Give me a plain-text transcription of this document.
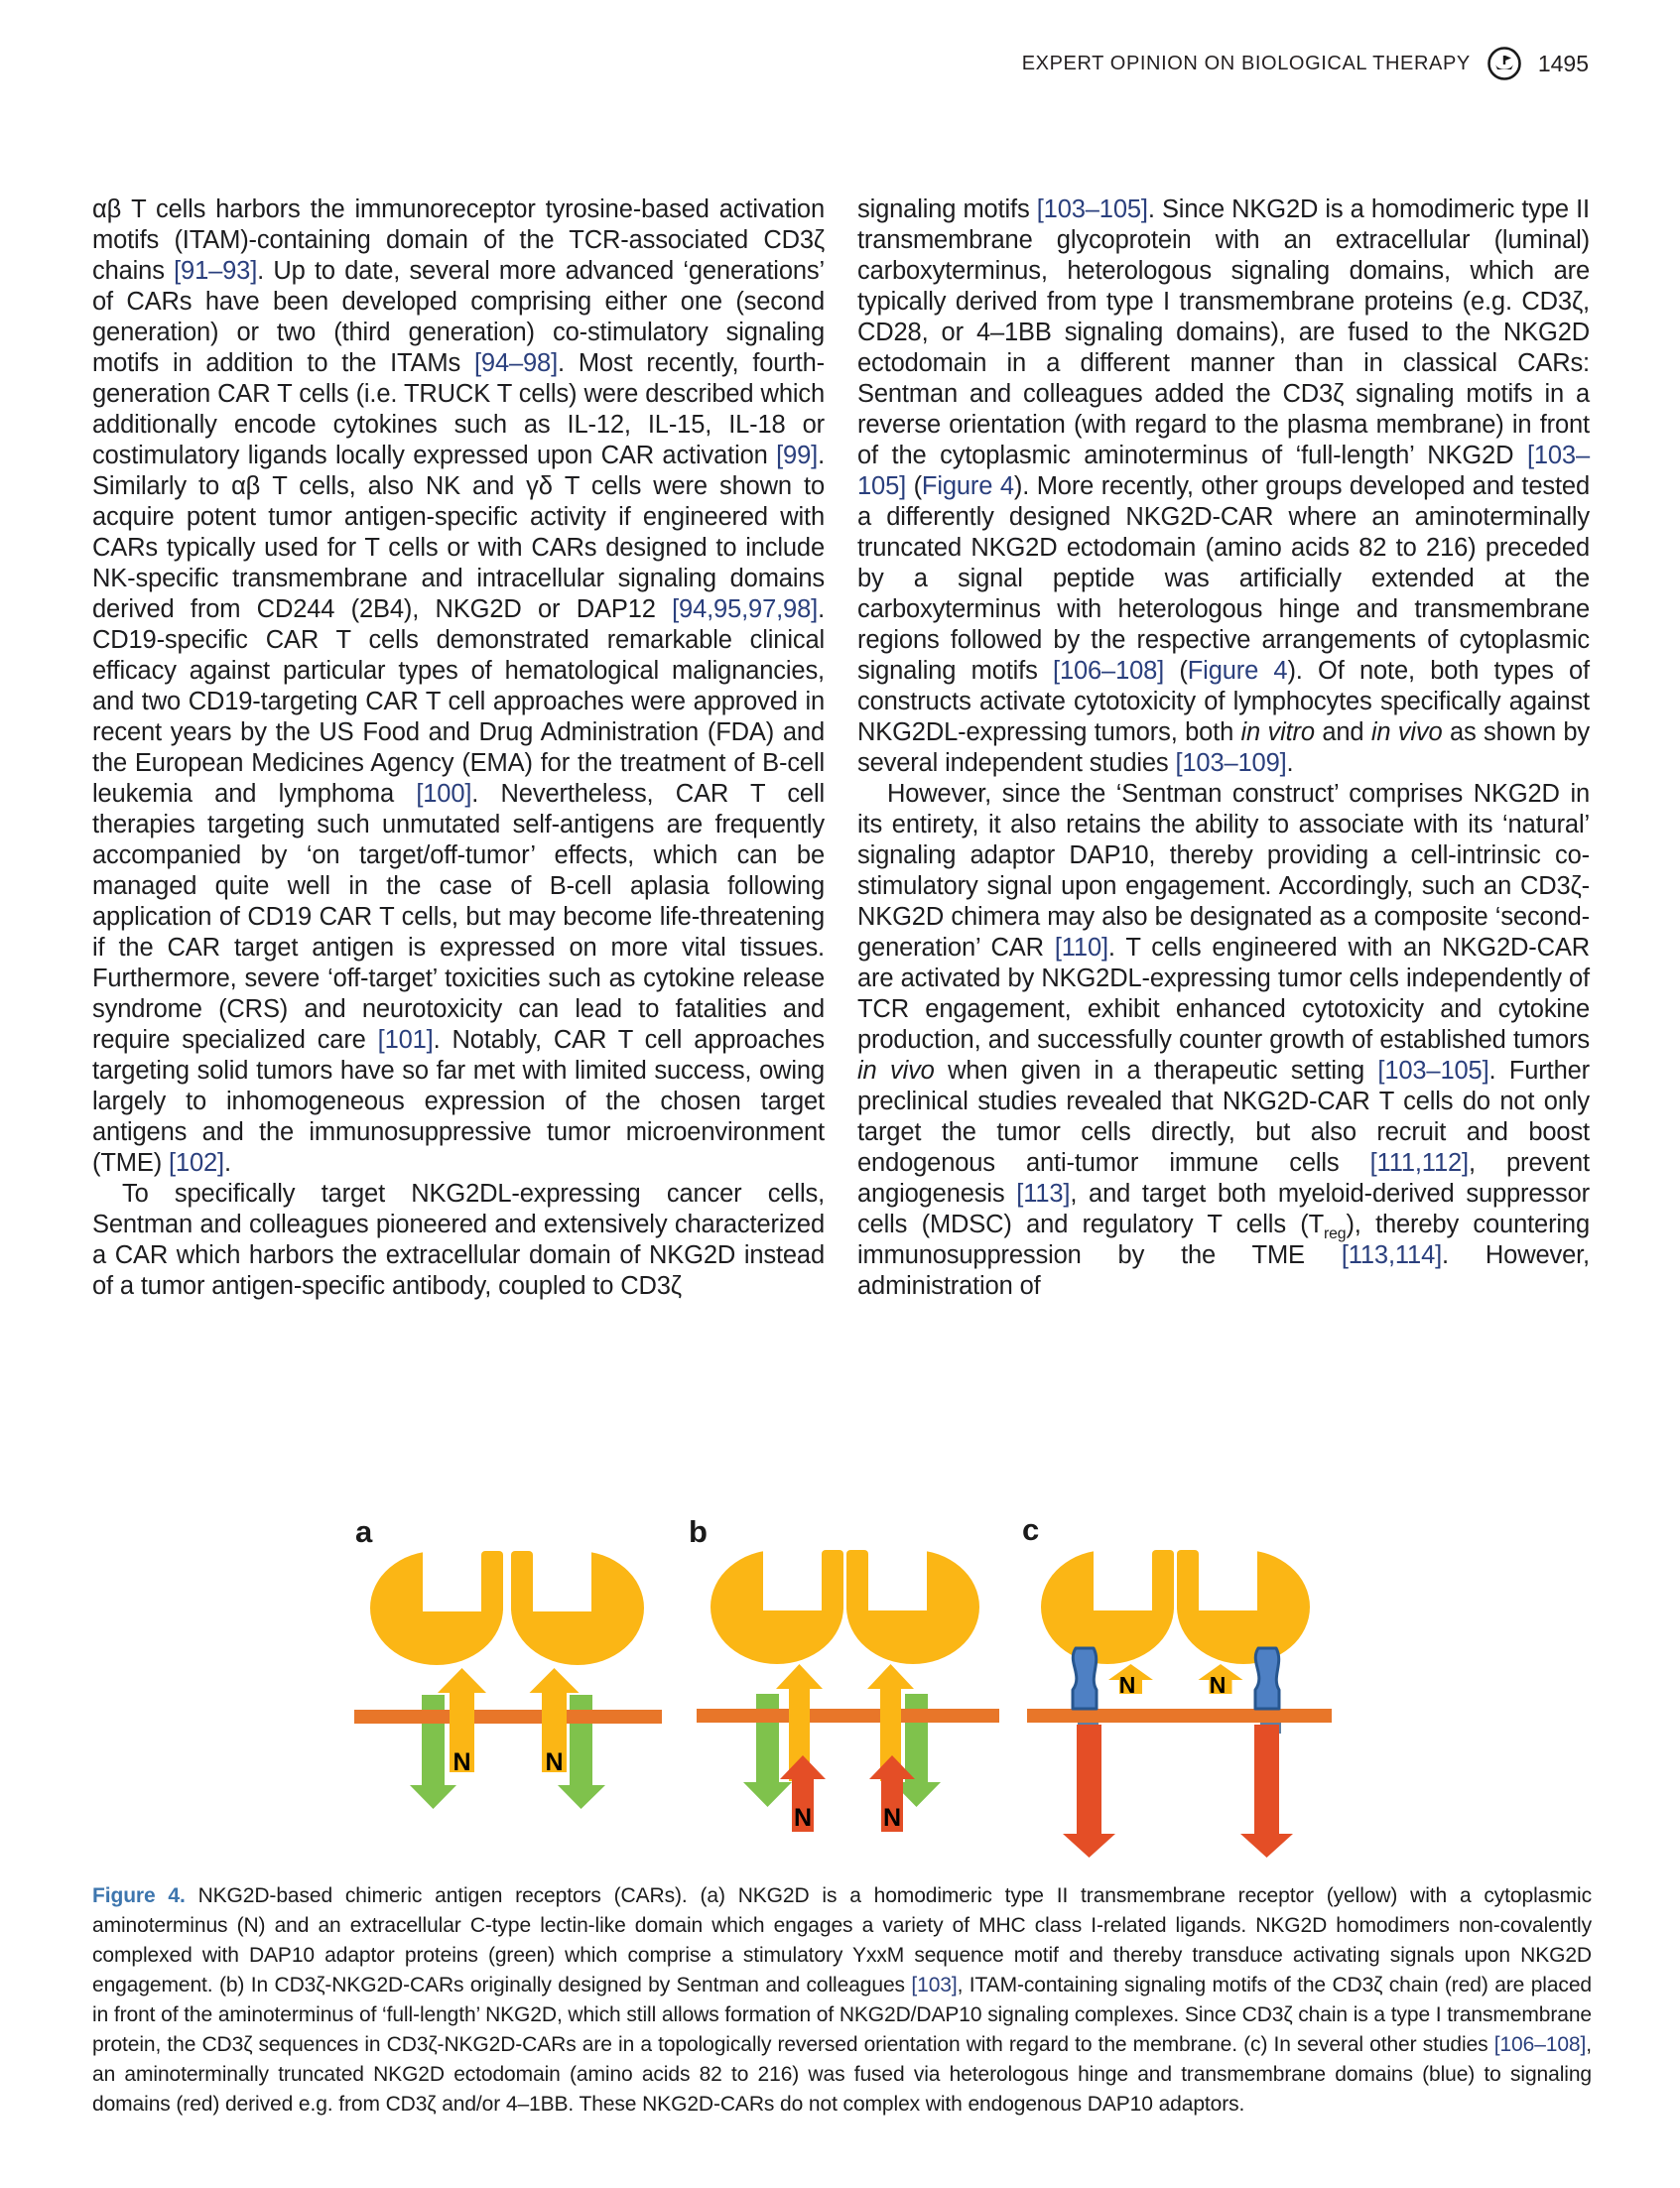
EXPERT OPINION ON BIOLOGICAL THERAPY	1495

αβ T cells harbors the immunoreceptor tyrosine-based activation motifs (ITAM)-containing domain of the TCR-associated CD3ζ chains [91–93]. Up to date, several more advanced ‘generations’ of CARs have been developed comprising either one (second generation) or two (third generation) co-stimulatory signaling motifs in addition to the ITAMs [94–98]. Most recently, fourth-generation CAR T cells (i.e. TRUCK T cells) were described which additionally encode cytokines such as IL-12, IL-15, IL-18 or costimulatory ligands locally expressed upon CAR activation [99]. Similarly to αβ T cells, also NK and γδ T cells were shown to acquire potent tumor antigen-specific activity if engineered with CARs typically used for T cells or with CARs designed to include NK-specific transmembrane and intracellular signaling domains derived from CD244 (2B4), NKG2D or DAP12 [94,95,97,98]. CD19-specific CAR T cells demonstrated remarkable clinical efficacy against particular types of hematological malignancies, and two CD19-targeting CAR T cell approaches were approved in recent years by the US Food and Drug Administration (FDA) and the European Medicines Agency (EMA) for the treatment of B-cell leukemia and lymphoma [100]. Nevertheless, CAR T cell therapies targeting such unmutated self-antigens are frequently accompanied by ‘on target/off-tumor’ effects, which can be managed quite well in the case of B-cell aplasia following application of CD19 CAR T cells, but may become life-threatening if the CAR target antigen is expressed on more vital tissues. Furthermore, severe ‘off-target’ toxicities such as cytokine release syndrome (CRS) and neurotoxicity can lead to fatalities and require specialized care [101]. Notably, CAR T cell approaches targeting solid tumors have so far met with limited success, owing largely to inhomogeneous expression of the chosen target antigens and the immunosuppressive tumor microenvironment (TME) [102].

To specifically target NKG2DL-expressing cancer cells, Sentman and colleagues pioneered and extensively characterized a CAR which harbors the extracellular domain of NKG2D instead of a tumor antigen-specific antibody, coupled to CD3ζ

signaling motifs [103–105]. Since NKG2D is a homodimeric type II transmembrane glycoprotein with an extracellular (luminal) carboxyterminus, heterologous signaling domains, which are typically derived from type I transmembrane proteins (e.g. CD3ζ, CD28, or 4–1BB signaling domains), are fused to the NKG2D ectodomain in a different manner than in classical CARs: Sentman and colleagues added the CD3ζ signaling motifs in a reverse orientation (with regard to the plasma membrane) in front of the cytoplasmic aminoterminus of ‘full-length’ NKG2D [103–105] (Figure 4). More recently, other groups developed and tested a differently designed NKG2D-CAR where an aminoterminally truncated NKG2D ectodomain (amino acids 82 to 216) preceded by a signal peptide was artificially extended at the carboxyterminus with heterologous hinge and transmembrane regions followed by the respective arrangements of cytoplasmic signaling motifs [106–108] (Figure 4). Of note, both types of constructs activate cytotoxicity of lymphocytes specifically against NKG2DL-expressing tumors, both in vitro and in vivo as shown by several independent studies [103–109].

However, since the ‘Sentman construct’ comprises NKG2D in its entirety, it also retains the ability to associate with its ‘natural’ signaling adaptor DAP10, thereby providing a cell-intrinsic co-stimulatory signal upon engagement. Accordingly, such an CD3ζ-NKG2D chimera may also be designated as a composite ‘second-generation’ CAR [110]. T cells engineered with an NKG2D-CAR are activated by NKG2DL-expressing tumor cells independently of TCR engagement, exhibit enhanced cytotoxicity and cytokine production, and successfully counter growth of established tumors in vivo when given in a therapeutic setting [103–105]. Further preclinical studies revealed that NKG2D-CAR T cells do not only target the tumor cells directly, but also recruit and boost endogenous anti-tumor immune cells [111,112], prevent angiogenesis [113], and target both myeloid-derived suppressor cells (MDSC) and regulatory T cells $(T_{reg})$, thereby countering immunosuppression by the TME [113,114]. However, administration of

a
N	N
b
N	N
c
N	N
Figure 4. NKG2D-based chimeric antigen receptors (CARs). (a) NKG2D is a homodimeric type II transmembrane receptor (yellow) with a cytoplasmic aminoterminus (N) and an extracellular C-type lectin-like domain which engages a variety of MHC class I-related ligands. NKG2D homodimers non-covalently complexed with DAP10 adaptor proteins (green) which comprise a stimulatory YxxM sequence motif and thereby transduce activating signals upon NKG2D engagement. (b) In CD3ζ-NKG2D-CARs originally designed by Sentman and colleagues [103], ITAM-containing signaling motifs of the CD3ζ chain (red) are placed in front of the aminoterminus of ‘full-length’ NKG2D, which still allows formation of NKG2D/DAP10 signaling complexes. Since CD3ζ chain is a type I transmembrane protein, the CD3ζ sequences in CD3ζ-NKG2D-CARs are in a topologically reversed orientation with regard to the membrane. (c) In several other studies [106–108], an aminoterminally truncated NKG2D ectodomain (amino acids 82 to 216) was fused via heterologous hinge and transmembrane domains (blue) to signaling domains (red) derived e.g. from CD3ζ and/or 4–1BB. These NKG2D-CARs do not complex with endogenous DAP10 adaptors.
